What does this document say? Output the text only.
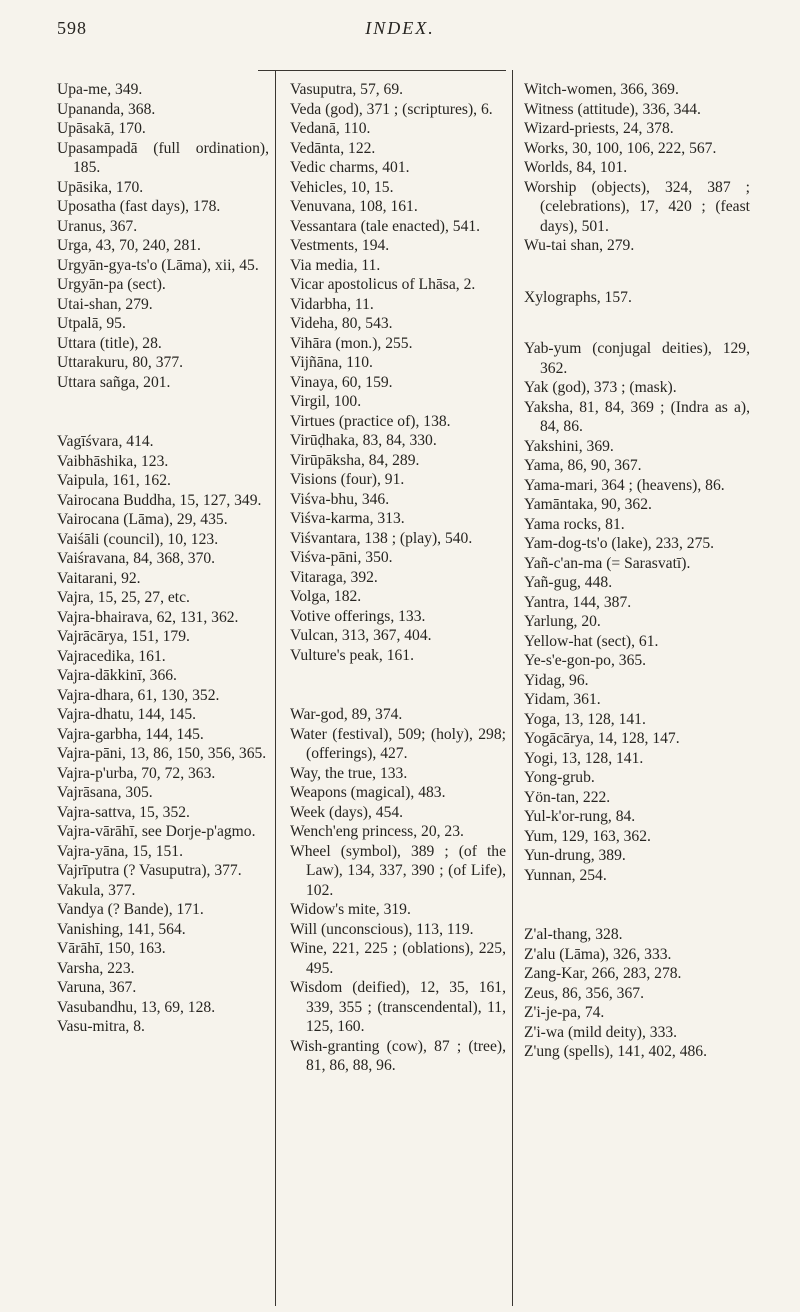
598	INDEX.

Upa-me, 349.

Upananda, 368.

Upāsakā, 170.

Upasampadā (full ordination), 185.

Upāsika, 170.

Uposatha (fast days), 178.

Uranus, 367.

Urga, 43, 70, 240, 281.

Urgyān-gya-ts'o (Lāma), xii, 45.

Urgyān-pa (sect).

Utai-shan, 279.

Utpalā, 95.

Uttara (title), 28.

Uttarakuru, 80, 377.

Uttara sañga, 201.

Vagīśvara, 414.

Vaibhāshika, 123.

Vaipula, 161, 162.

Vairocana Buddha, 15, 127, 349.

Vairocana (Lāma), 29, 435.

Vaiśāli (council), 10, 123.

Vaiśravana, 84, 368, 370.

Vaitarani, 92.

Vajra, 15, 25, 27, etc.

Vajra-bhairava, 62, 131, 362.

Vajrācārya, 151, 179.

Vajracedika, 161.

Vajra-dākkinī, 366.

Vajra-dhara, 61, 130, 352.

Vajra-dhatu, 144, 145.

Vajra-garbha, 144, 145.

Vajra-pāni, 13, 86, 150, 356, 365.

Vajra-p'urba, 70, 72, 363.

Vajrāsana, 305.

Vajra-sattva, 15, 352.

Vajra-vārāhī, see Dorje-p'agmo.

Vajra-yāna, 15, 151.

Vajrīputra (? Vasuputra), 377.

Vakula, 377.

Vandya (? Bande), 171.

Vanishing, 141, 564.

Vārāhī, 150, 163.

Varsha, 223.

Varuna, 367.

Vasubandhu, 13, 69, 128.

Vasu-mitra, 8.

Vasuputra, 57, 69.

Veda (god), 371 ; (scriptures), 6.

Vedanā, 110.

Vedānta, 122.

Vedic charms, 401.

Vehicles, 10, 15.

Venuvana, 108, 161.

Vessantara (tale enacted), 541.

Vestments, 194.

Via media, 11.

Vicar apostolicus of Lhāsa, 2.

Vidarbha, 11.

Videha, 80, 543.

Vihāra (mon.), 255.

Vijñāna, 110.

Vinaya, 60, 159.

Virgil, 100.

Virtues (practice of), 138.

Virūḍhaka, 83, 84, 330.

Virūpāksha, 84, 289.

Visions (four), 91.

Viśva-bhu, 346.

Viśva-karma, 313.

Viśvantara, 138 ; (play), 540.

Viśva-pāni, 350.

Vitaraga, 392.

Volga, 182.

Votive offerings, 133.

Vulcan, 313, 367, 404.

Vulture's peak, 161.

War-god, 89, 374.

Water (festival), 509; (holy), 298; (offerings), 427.

Way, the true, 133.

Weapons (magical), 483.

Week (days), 454.

Wench'eng princess, 20, 23.

Wheel (symbol), 389 ; (of the Law), 134, 337, 390 ; (of Life), 102.

Widow's mite, 319.

Will (unconscious), 113, 119.

Wine, 221, 225 ; (oblations), 225, 495.

Wisdom (deified), 12, 35, 161, 339, 355 ; (transcendental), 11, 125, 160.

Wish-granting (cow), 87 ; (tree), 81, 86, 88, 96.

Witch-women, 366, 369.

Witness (attitude), 336, 344.

Wizard-priests, 24, 378.

Works, 30, 100, 106, 222, 567.

Worlds, 84, 101.

Worship (objects), 324, 387 ; (celebrations), 17, 420 ; (feast days), 501.

Wu-tai shan, 279.

Xylographs, 157.

Yab-yum (conjugal deities), 129, 362.

Yak (god), 373 ; (mask).

Yaksha, 81, 84, 369 ; (Indra as a), 84, 86.

Yakshini, 369.

Yama, 86, 90, 367.

Yama-mari, 364 ; (heavens), 86.

Yamāntaka, 90, 362.

Yama rocks, 81.

Yam-dog-ts'o (lake), 233, 275.

Yañ-c'an-ma (= Sarasvatī).

Yañ-gug, 448.

Yantra, 144, 387.

Yarlung, 20.

Yellow-hat (sect), 61.

Ye-s'e-gon-po, 365.

Yidag, 96.

Yidam, 361.

Yoga, 13, 128, 141.

Yogācārya, 14, 128, 147.

Yogi, 13, 128, 141.

Yong-grub.

Yön-tan, 222.

Yul-k'or-rung, 84.

Yum, 129, 163, 362.

Yun-drung, 389.

Yunnan, 254.

Z'al-thang, 328.

Z'alu (Lāma), 326, 333.

Zang-Kar, 266, 283, 278.

Zeus, 86, 356, 367.

Z'i-je-pa, 74.

Z'i-wa (mild deity), 333.

Z'ung (spells), 141, 402, 486.
